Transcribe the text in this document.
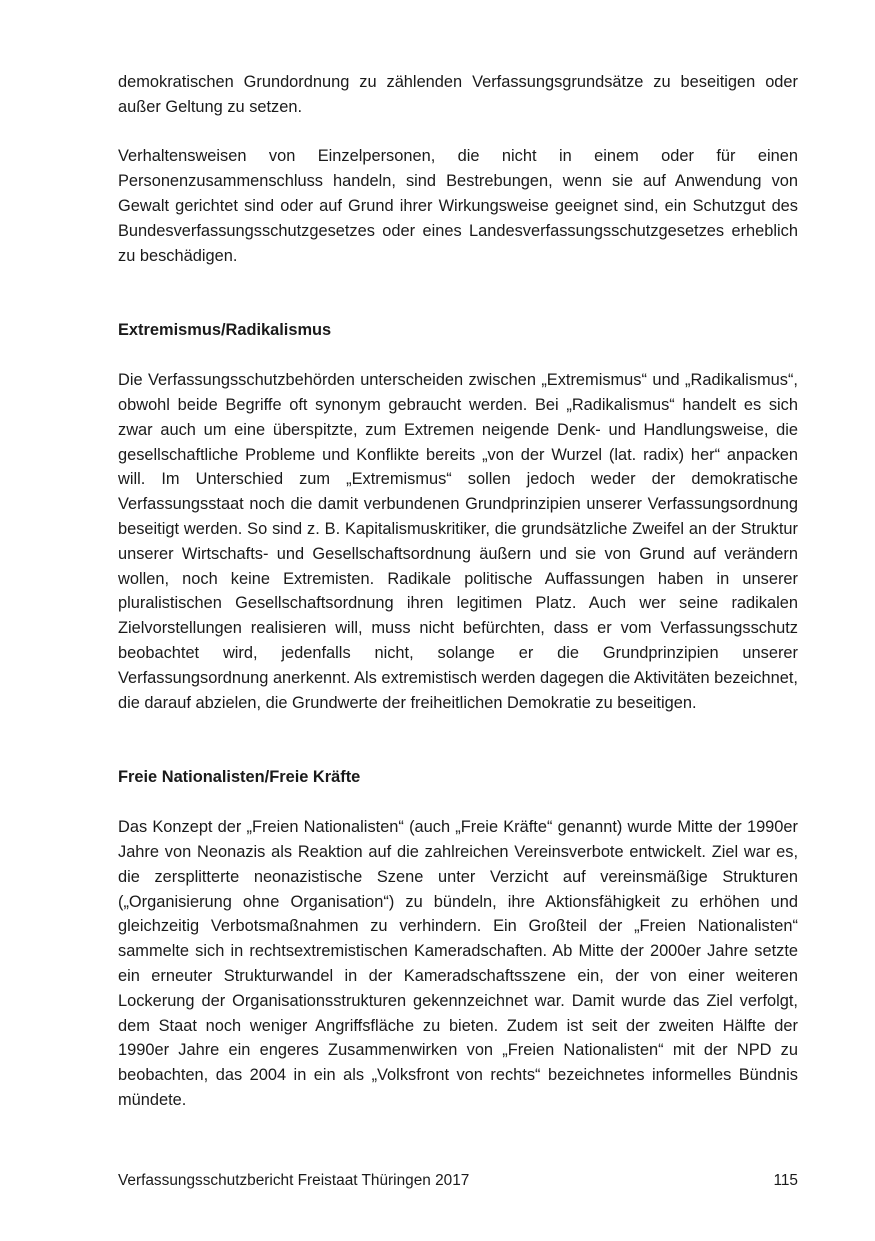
demokratischen Grundordnung zu zählenden Verfassungsgrundsätze zu beseitigen oder außer Geltung zu setzen.

Verhaltensweisen von Einzelpersonen, die nicht in einem oder für einen Personenzusammenschluss handeln, sind Bestrebungen, wenn sie auf Anwendung von Gewalt gerichtet sind oder auf Grund ihrer Wirkungsweise geeignet sind, ein Schutzgut des Bundesverfassungsschutzgesetzes oder eines Landesverfassungsschutzgesetzes erheblich zu beschädigen.

Extremismus/Radikalismus

Die Verfassungsschutzbehörden unterscheiden zwischen „Extremismus“ und „Radikalismus“, obwohl beide Begriffe oft synonym gebraucht werden. Bei „Radikalismus“ handelt es sich zwar auch um eine überspitzte, zum Extremen neigende Denk- und Handlungsweise, die gesellschaftliche Probleme und Konflikte bereits „von der Wurzel (lat. radix) her“ anpacken will. Im Unterschied zum „Extremismus“ sollen jedoch weder der demokratische Verfassungsstaat noch die damit verbundenen Grundprinzipien unserer Verfassungsordnung beseitigt werden. So sind z. B. Kapitalismuskritiker, die grundsätzliche Zweifel an der Struktur unserer Wirtschafts- und Gesellschaftsordnung äußern und sie von Grund auf verändern wollen, noch keine Extremisten. Radikale politische Auffassungen haben in unserer pluralistischen Gesellschaftsordnung ihren legitimen Platz. Auch wer seine radikalen Zielvorstellungen realisieren will, muss nicht befürchten, dass er vom Verfassungsschutz beobachtet wird, jedenfalls nicht, solange er die Grundprinzipien unserer Verfassungsordnung anerkennt. Als extremistisch werden dagegen die Aktivitäten bezeichnet, die darauf abzielen, die Grundwerte der freiheitlichen Demokratie zu beseitigen.

Freie Nationalisten/Freie Kräfte

Das Konzept der „Freien Nationalisten“ (auch „Freie Kräfte“ genannt) wurde Mitte der 1990er Jahre von Neonazis als Reaktion auf die zahlreichen Vereinsverbote entwickelt. Ziel war es, die zersplitterte neonazistische Szene unter Verzicht auf vereinsmäßige Strukturen („Organisierung ohne Organisation“) zu bündeln, ihre Aktionsfähigkeit zu erhöhen und gleichzeitig Verbotsmaßnahmen zu verhindern. Ein Großteil der „Freien Nationalisten“ sammelte sich in rechtsextremistischen Kameradschaften. Ab Mitte der 2000er Jahre setzte ein erneuter Strukturwandel in der Kameradschaftsszene ein, der von einer weiteren Lockerung der Organisationsstrukturen gekennzeichnet war. Damit wurde das Ziel verfolgt, dem Staat noch weniger Angriffsfläche zu bieten. Zudem ist seit der zweiten Hälfte der 1990er Jahre ein engeres Zusammenwirken von „Freien Nationalisten“ mit der NPD zu beobachten, das 2004 in ein als „Volksfront von rechts“ bezeichnetes informelles Bündnis mündete.

Verfassungsschutzbericht Freistaat Thüringen 2017	115
